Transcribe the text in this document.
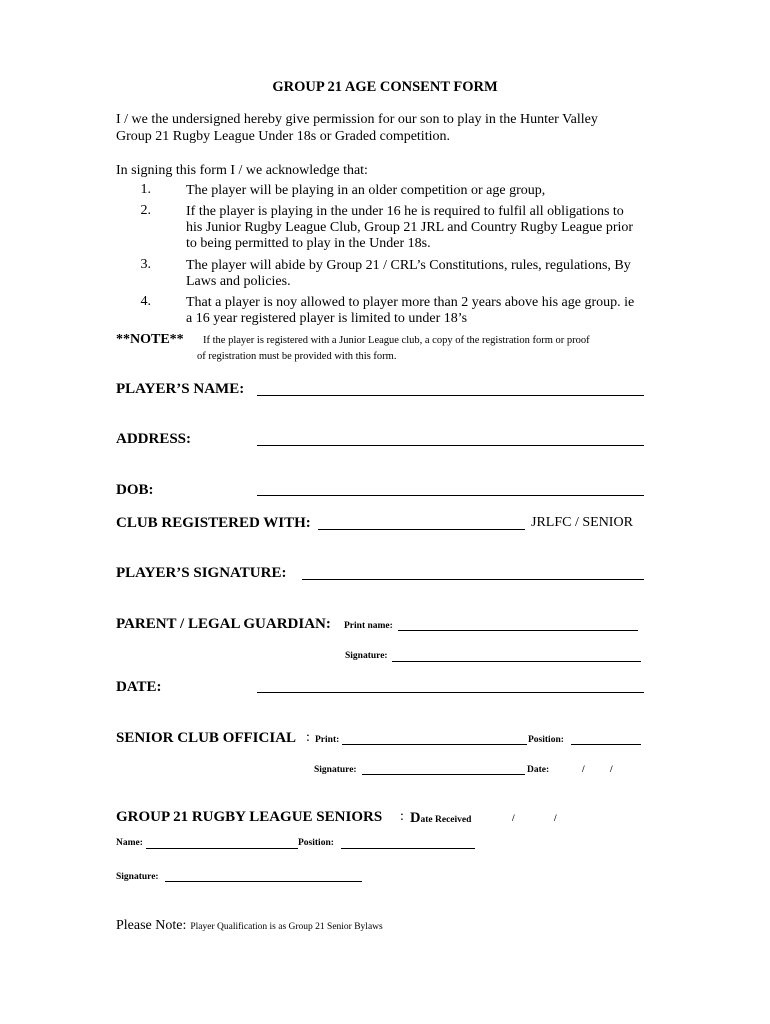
GROUP 21 AGE CONSENT FORM
I / we the undersigned hereby give permission for our son to play in the Hunter Valley
Group 21 Rugby League Under 18s or Graded competition.
In signing this form I / we acknowledge that:
1.	The player will be playing in an older competition or age group,
2.	If the player is playing in the under 16 he is required to fulfil all obligations to
his Junior Rugby League Club, Group 21 JRL and Country Rugby League prior
to being permitted to play in the Under 18s.
3.	The player will abide by Group 21 / CRL’s Constitutions, rules, regulations, By
Laws and policies.
4.	That a player is noy allowed to player more than 2 years above his age group. ie
a 16 year registered player is limited to under 18’s
**NOTE** If the player is registered with a Junior League club, a copy of the registration form or proof
of registration must be provided with this form.
PLAYER’S NAME:
ADDRESS:
DOB:
CLUB REGISTERED WITH:	JRLFC / SENIOR
PLAYER’S SIGNATURE:
PARENT / LEGAL GUARDIAN: Print name:
Signature:
DATE:
SENIOR CLUB OFFICIAL : Print:	Position:
Signature:	Date:	/	/
GROUP 21 RUGBY LEAGUE SENIORS : Date Received	/	/
Name:	Position:
Signature:
Please Note: Player Qualification is as Group 21 Senior Bylaws
